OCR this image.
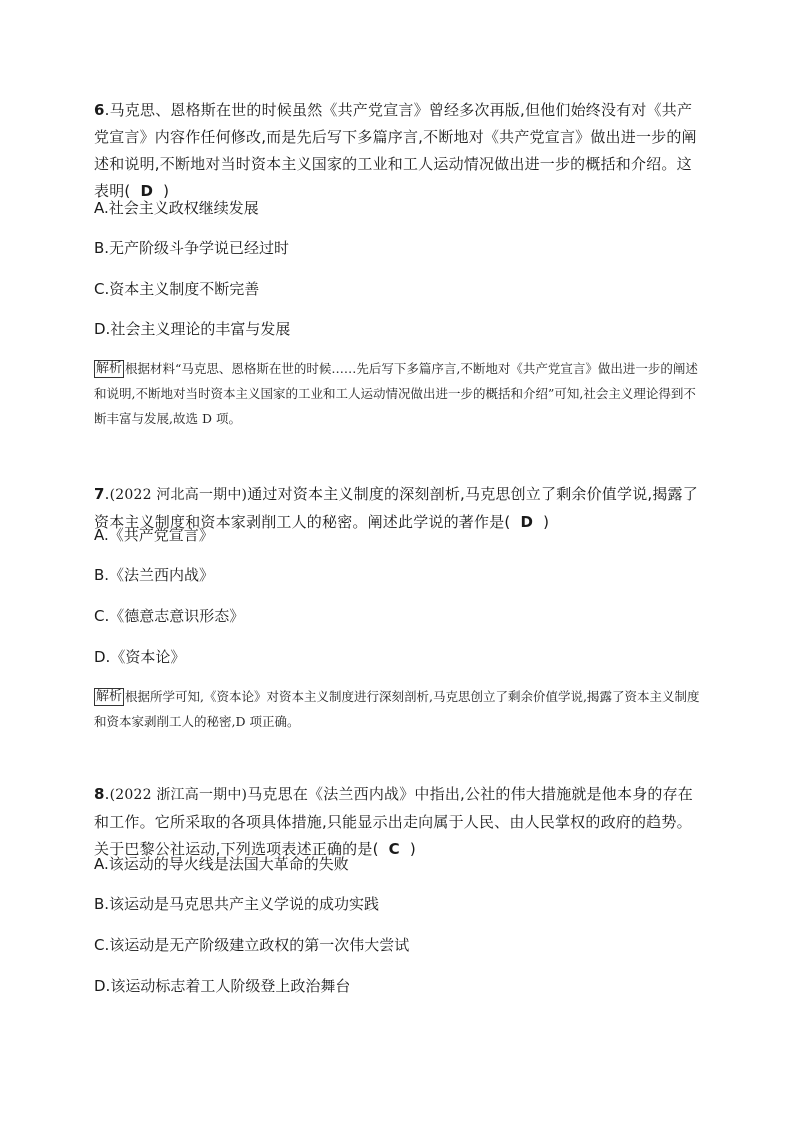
6.马克思、恩格斯在世的时候虽然《共产党宣言》曾经多次再版,但他们始终没有对《共产党宣言》内容作任何修改,而是先后写下多篇序言,不断地对《共产党宣言》做出进一步的阐述和说明,不断地对当时资本主义国家的工业和工人运动情况做出进一步的概括和介绍。这表明( D )

A.社会主义政权继续发展

B.无产阶级斗争学说已经过时

C.资本主义制度不断完善

D.社会主义理论的丰富与发展

解析 根据材料“马克思、恩格斯在世的时候……先后写下多篇序言,不断地对《共产党宣言》做出进一步的阐述和说明,不断地对当时资本主义国家的工业和工人运动情况做出进一步的概括和介绍”可知,社会主义理论得到不断丰富与发展,故选 D 项。

7.(2022 河北高一期中)通过对资本主义制度的深刻剖析,马克思创立了剩余价值学说,揭露了资本主义制度和资本家剥削工人的秘密。阐述此学说的著作是( D )

A.《共产党宣言》

B.《法兰西内战》

C.《德意志意识形态》

D.《资本论》

解析 根据所学可知,《资本论》对资本主义制度进行深刻剖析,马克思创立了剩余价值学说,揭露了资本主义制度和资本家剥削工人的秘密,D 项正确。

8.(2022 浙江高一期中)马克思在《法兰西内战》中指出,公社的伟大措施就是他本身的存在和工作。它所采取的各项具体措施,只能显示出走向属于人民、由人民掌权的政府的趋势。关于巴黎公社运动,下列选项表述正确的是( C )

A.该运动的导火线是法国大革命的失败

B.该运动是马克思共产主义学说的成功实践

C.该运动是无产阶级建立政权的第一次伟大尝试

D.该运动标志着工人阶级登上政治舞台
